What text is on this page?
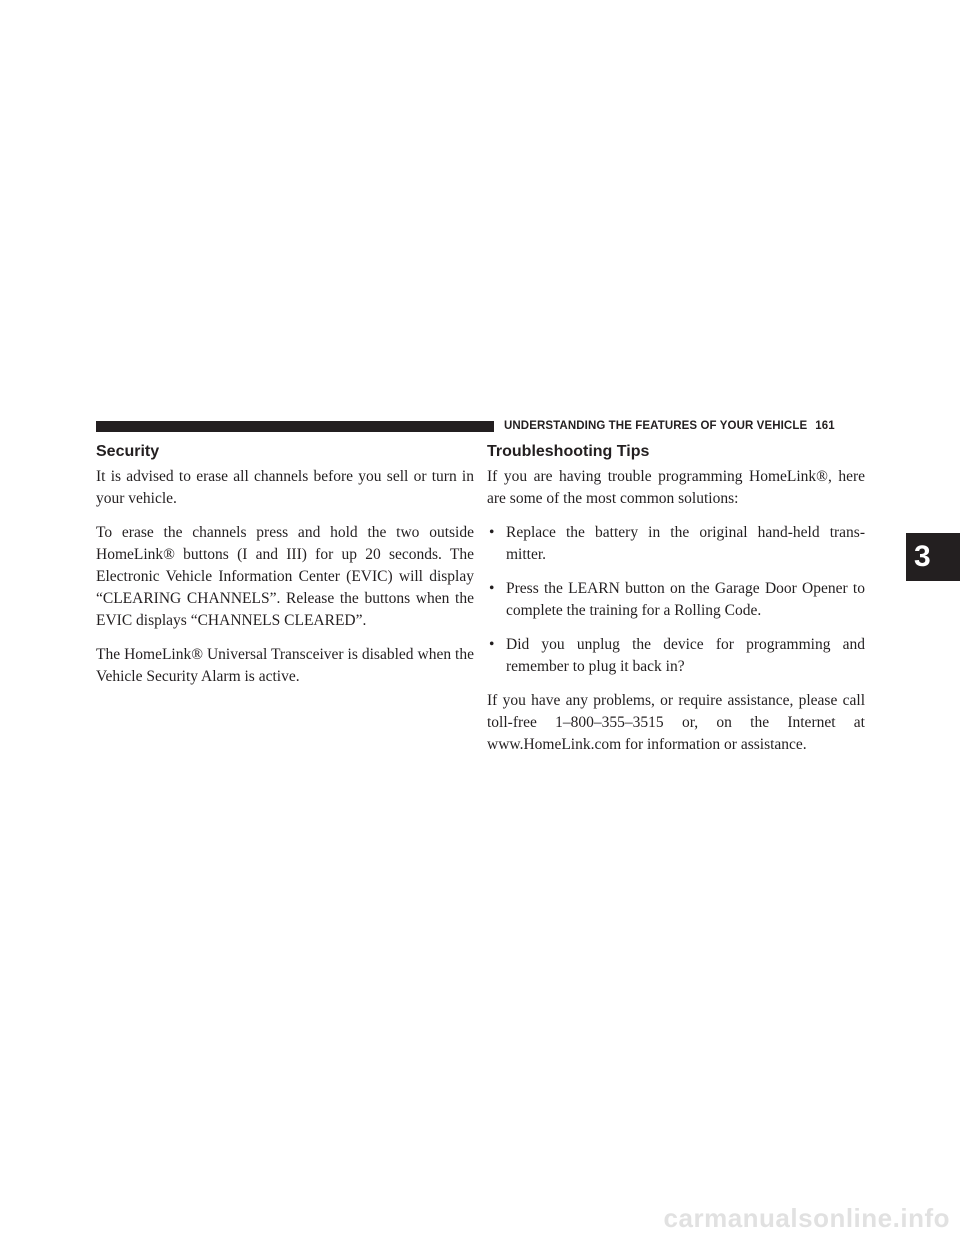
UNDERSTANDING THE FEATURES OF YOUR VEHICLE 161
Security

It is advised to erase all channels before you sell or turn in your vehicle.

To erase the channels press and hold the two outside HomeLink® buttons (I and III) for up 20 seconds. The Electronic Vehicle Information Center (EVIC) will display “CLEARING CHANNELS”. Release the buttons when the EVIC displays “CHANNELS CLEARED”.

The HomeLink® Universal Transceiver is disabled when the Vehicle Security Alarm is active.

Troubleshooting Tips

If you are having trouble programming HomeLink®, here are some of the most common solutions:

• Replace the battery in the original hand-held trans- mitter.
• Press the LEARN button on the Garage Door Opener to complete the training for a Rolling Code.
• Did you unplug the device for programming and remember to plug it back in?

If you have any problems, or require assistance, please call toll-free 1–800–355–3515 or, on the Internet at www.HomeLink.com for information or assistance.

3
carmanualsonline.info
